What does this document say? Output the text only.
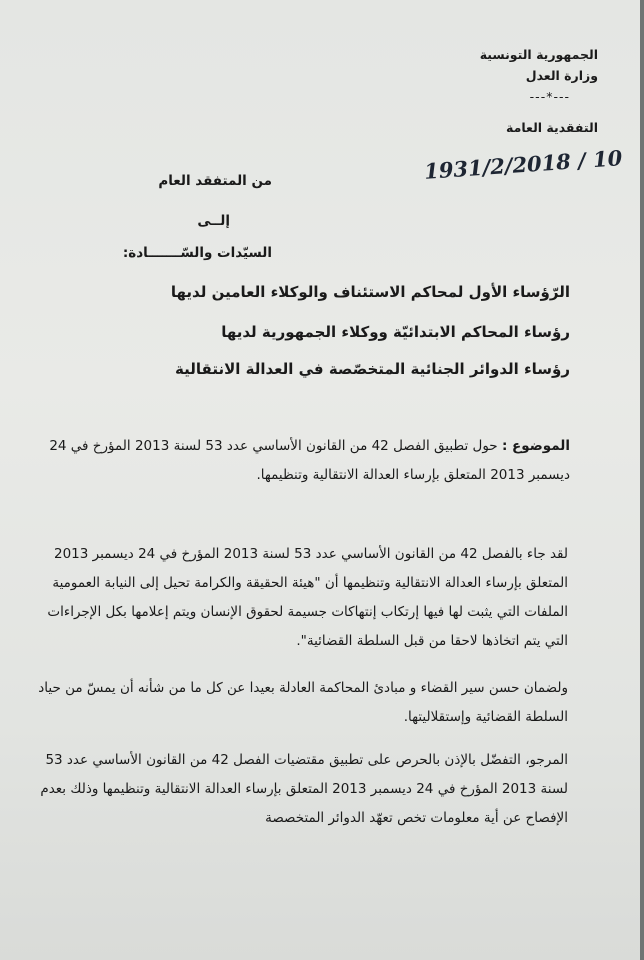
الجمهورية التونسية
وزارة العدل
---*---
التفقدية العامة
1931/2/2018 / 10
من المتفقد العام
إلــى
السيّدات والسّـــــــادة:
الرّؤساء الأول لمحاكم الاستئناف والوكلاء العامين لديها
رؤساء المحاكم الابتدائيّة ووكلاء الجمهورية لديها
رؤساء الدوائر الجنائية المتخصّصة في العدالة الانتقالية
الموضوع : حول تطبيق الفصل 42 من القانون الأساسي عدد 53 لسنة 2013 المؤرخ في 24 ديسمبر 2013 المتعلق بإرساء العدالة الانتقالية وتنظيمها.
لقد جاء بالفصل 42 من القانون الأساسي عدد 53 لسنة 2013 المؤرخ في 24 ديسمبر 2013 المتعلق بإرساء العدالة الانتقالية وتنظيمها أن "هيئة الحقيقة والكرامة تحيل إلى النيابة العمومية الملفات التي يثبت لها فيها إرتكاب إنتهاكات جسيمة لحقوق الإنسان ويتم إعلامها بكل الإجراءات التي يتم اتخاذها لاحقا من قبل السلطة القضائية".
ولضمان حسن سير القضاء و مبادئ المحاكمة العادلة بعيدا عن كل ما من شأنه أن يمسّ من حياد السلطة القضائية وإستقلاليتها.
المرجو، التفضّل بالإذن بالحرص على تطبيق مقتضيات الفصل 42 من القانون الأساسي عدد 53 لسنة 2013 المؤرخ في 24 ديسمبر 2013 المتعلق بإرساء العدالة الانتقالية وتنظيمها وذلك بعدم الإفصاح عن أية معلومات تخص تعهّد الدوائر المتخصصة
